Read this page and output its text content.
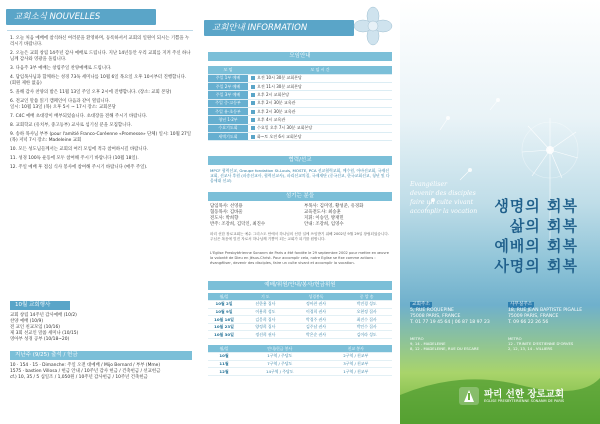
교회소식 NOUVELLES
1. 오늘 처음 예배에 참석하신 여러분을 환영하며, 등록하셔서 교회의 일원이 되시는 기쁨을 누리시기 바랍니다.
2. 오늘은 교회 창립 14주년 감사 예배로 드립니다. 지난 14년동안 우리 교회를 지켜 주신 하나님께 감사와 영광을 돌립니다.
3. 다음주 3부 예배는 창립주일 찬양예배로 드립니다.
4. 담임목사님과 함께하는 성경 73독 세미나를 10월 6일 목요일 오후 10시부터 진행합니다. (회원 제한 없음)
5. 올해 감사 찬양의 밤은 11월 13일 주일 오후 2시에 진행합니다. (장소: 교회 본당)
6. 전교인 말씀 읽기 캠페인이 다음과 같이 열립니다.
일시: 10월 13일 (목) 오후 5시 ~ 17시 장소: 교회본당
7. C4C 예배 초대장이 배부되었습니다. 초대장을 전해 주시기 바랍니다.
8. 교회학교 (유치부, 중고등부) 교사로 섬기실 분을 모집합니다.
9. 송하 목사님 부부 (pour l'amitié Franco-Coréenne «Promesse» 단체) 일시: 10월 27일(목) 저녁 7시 장소: Madeleine 교회
10. 모든 성도님들께서는 교회의 여러 모임에 적극 참여하시길 바랍니다.
11. 성경 100독 운동에 모두 참여해 주시기 바랍니다 (10월 18일).
12. 주일 예배 후 점심 식사 봉사에 참여해 주시기 바랍니다 (매주 주일).
10월 교회행사
교회 창립 14주년 감사예배 (10/2)
찬양 예배 (10/9)
전 교인 친교모임 (10/16)
제 3회 선교인 말씀 세미나 (10/15)
영아부 성경 공부 (10/18~20)
지난주 (9/25) 출석 / 헌금
10 · 154 · 15 · Dimanche: 주일 오전 대예배 / Mijo Bernard / 부부 (Mme)
1575 · bastien Villosa / 헌금 안내 / 10주년 감사 헌금 / 건축헌금 / 선교헌금
cf.) 10, 35 / 5 십일조 / 1,050원 / 10주년 감사헌금 / 10주년 건축헌금
교회안내 INFORMATION
모임안내
모 임	모 임 시 간
주일 1부 예배	오전 10시 30분 교회본당
주일 2부 예배	오전 11시 30분 교회본당
주일 3부 예배	오후 2시 교회본당
주일 중·고등부	오후 2시 30분 교육관
주일 유·초등부	오후 2시 30분 교육관
청년 1·2부	오후 4시 교육관
수요기도회	수요일 오후 7시 30분 교회본당
새벽기도회	화~토 오전 6시 교회본당
협력/선교
MPCF 협력선교, Groupe fondation St-Louis, MOSTE, PCA 선교협력교회, 예수원, 아바선교회, 국제선교회, 선교사 후원 (파송선교사, 협력선교사), 파리선교의집, 국제재단 (중국선교, 한국교회선교, 청년 및 다음세대 선교)
섬기는 분들
담임목사: 선영용
협동목사: 김바울
전도사: 박희향
반주: 조강희, 김덕인, 최진수
부목사: 김미영, 황성준, 유경화
교육전도사: 최승훈
지휘: 이승연, 방재민
안내: 조강희, 임영수
파리 선한 장로교회는 예수 그리스도 안에서 하나님의 선한 일에 쓰임받기 위해 2002년 9월 29일 창립되었습니다. 주님은 복음에 빚진 자로서 하나님께 기쁨이 되는 교회가 되기를 원합니다.
L'Eglise Presbytérienne Sonanm de Paris a été fondée le 29 septembre 2002 pour mettre en œuvre la volonté de Dieu en Jésus-Christ. Pour accomplir cela, notre Eglise se fixe comme actions : évangéliser, devenir des disciples, faire un culte vivant et accomplir la vocation.
예배/위원/안내/봉사/헌금위원
월/일	기 도	성경봉독	중 앙 송
10월 2일	선한용 집사	정아찬 권사	박진경 성도
10월 9일	이용희 성도	이경희 권사	오현정 집사
10월 16일	김웅희 집사	박경주 권사	최진수 집사
10월 23일	양정희 집사	김주남 권사	박인수 집사
10월 30일	정선희 권사	박은순 권사	김이라 성도
월/일	안내/헌금 봉사	친교 봉사
10월	1구역 / 주당도	2구역 / 친교부
11월	7구역 / 주당도	3구역 / 친교부
12월	14구역 / 주당도	1구역 / 친교부
Evangéliser
devenir des disciples
faire un culte vivant
accomplir la vocation 생명의 회복
삶의 회복
예배의 회복
사명의 회복
교회주소
5, RUE ROQUEPINE
75008 PARIS, FRANCE
T. 01 77 19 45 64 | 06 87 18 97 23
사무실주소
18, RUE JEAN BAPTISTE PIGALLE
75009 PARIS, FRANCE
T. 09 66 22 26 56
METRO
9, 14 - MADELEINE
8, 12 - MADELEINE, RUE DU ESCARE
METRO
12 - TRINITE D'ESTIENNE D'ORVES
2, 12, 13, 14 - VILLIERS
파리 선한 장로교회
EGLISE PRESBYTERIENNE SONANM DE PARIS
